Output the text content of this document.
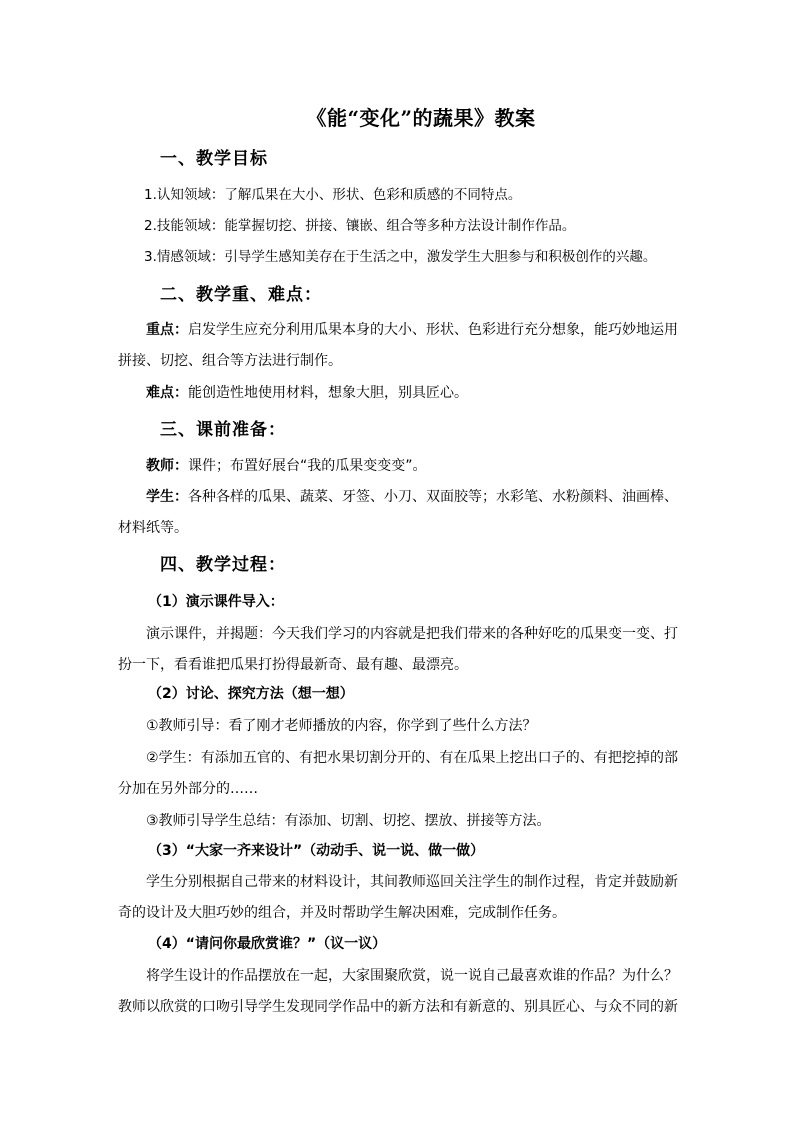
《能“变化”的蔬果》教案
一、教学目标
1.认知领域：了解瓜果在大小、形状、色彩和质感的不同特点。
2.技能领域：能掌握切挖、拼接、镶嵌、组合等多种方法设计制作作品。
3.情感领域：引导学生感知美存在于生活之中，激发学生大胆参与和积极创作的兴趣。
二、教学重、难点：
重点：启发学生应充分利用瓜果本身的大小、形状、色彩进行充分想象，能巧妙地运用拼接、切挖、组合等方法进行制作。
难点：能创造性地使用材料，想象大胆，别具匠心。
三、课前准备：
教师：课件；布置好展台“我的瓜果变变变”。
学生：各种各样的瓜果、蔬菜、牙签、小刀、双面胶等；水彩笔、水粉颜料、油画棒、材料纸等。
四、教学过程：
（1）演示课件导入：
演示课件，并揭题：今天我们学习的内容就是把我们带来的各种好吃的瓜果变一变、打扮一下，看看谁把瓜果打扮得最新奇、最有趣、最漂亮。
（2）讨论、探究方法（想一想）
①教师引导：看了刚才老师播放的内容，你学到了些什么方法？
②学生：有添加五官的、有把水果切割分开的、有在瓜果上挖出口子的、有把挖掉的部分加在另外部分的……
③教师引导学生总结：有添加、切割、切挖、摆放、拼接等方法。
（3）“大家一齐来设计”（动动手、说一说、做一做）
学生分别根据自己带来的材料设计，其间教师巡回关注学生的制作过程，肯定并鼓励新奇的设计及大胆巧妙的组合，并及时帮助学生解决困难，完成制作任务。
（4）“请问你最欣赏谁？”（议一议）
将学生设计的作品摆放在一起，大家围聚欣赏，说一说自己最喜欢谁的作品？为什么？教师以欣赏的口吻引导学生发现同学作品中的新方法和有新意的、别具匠心、与众不同的新
